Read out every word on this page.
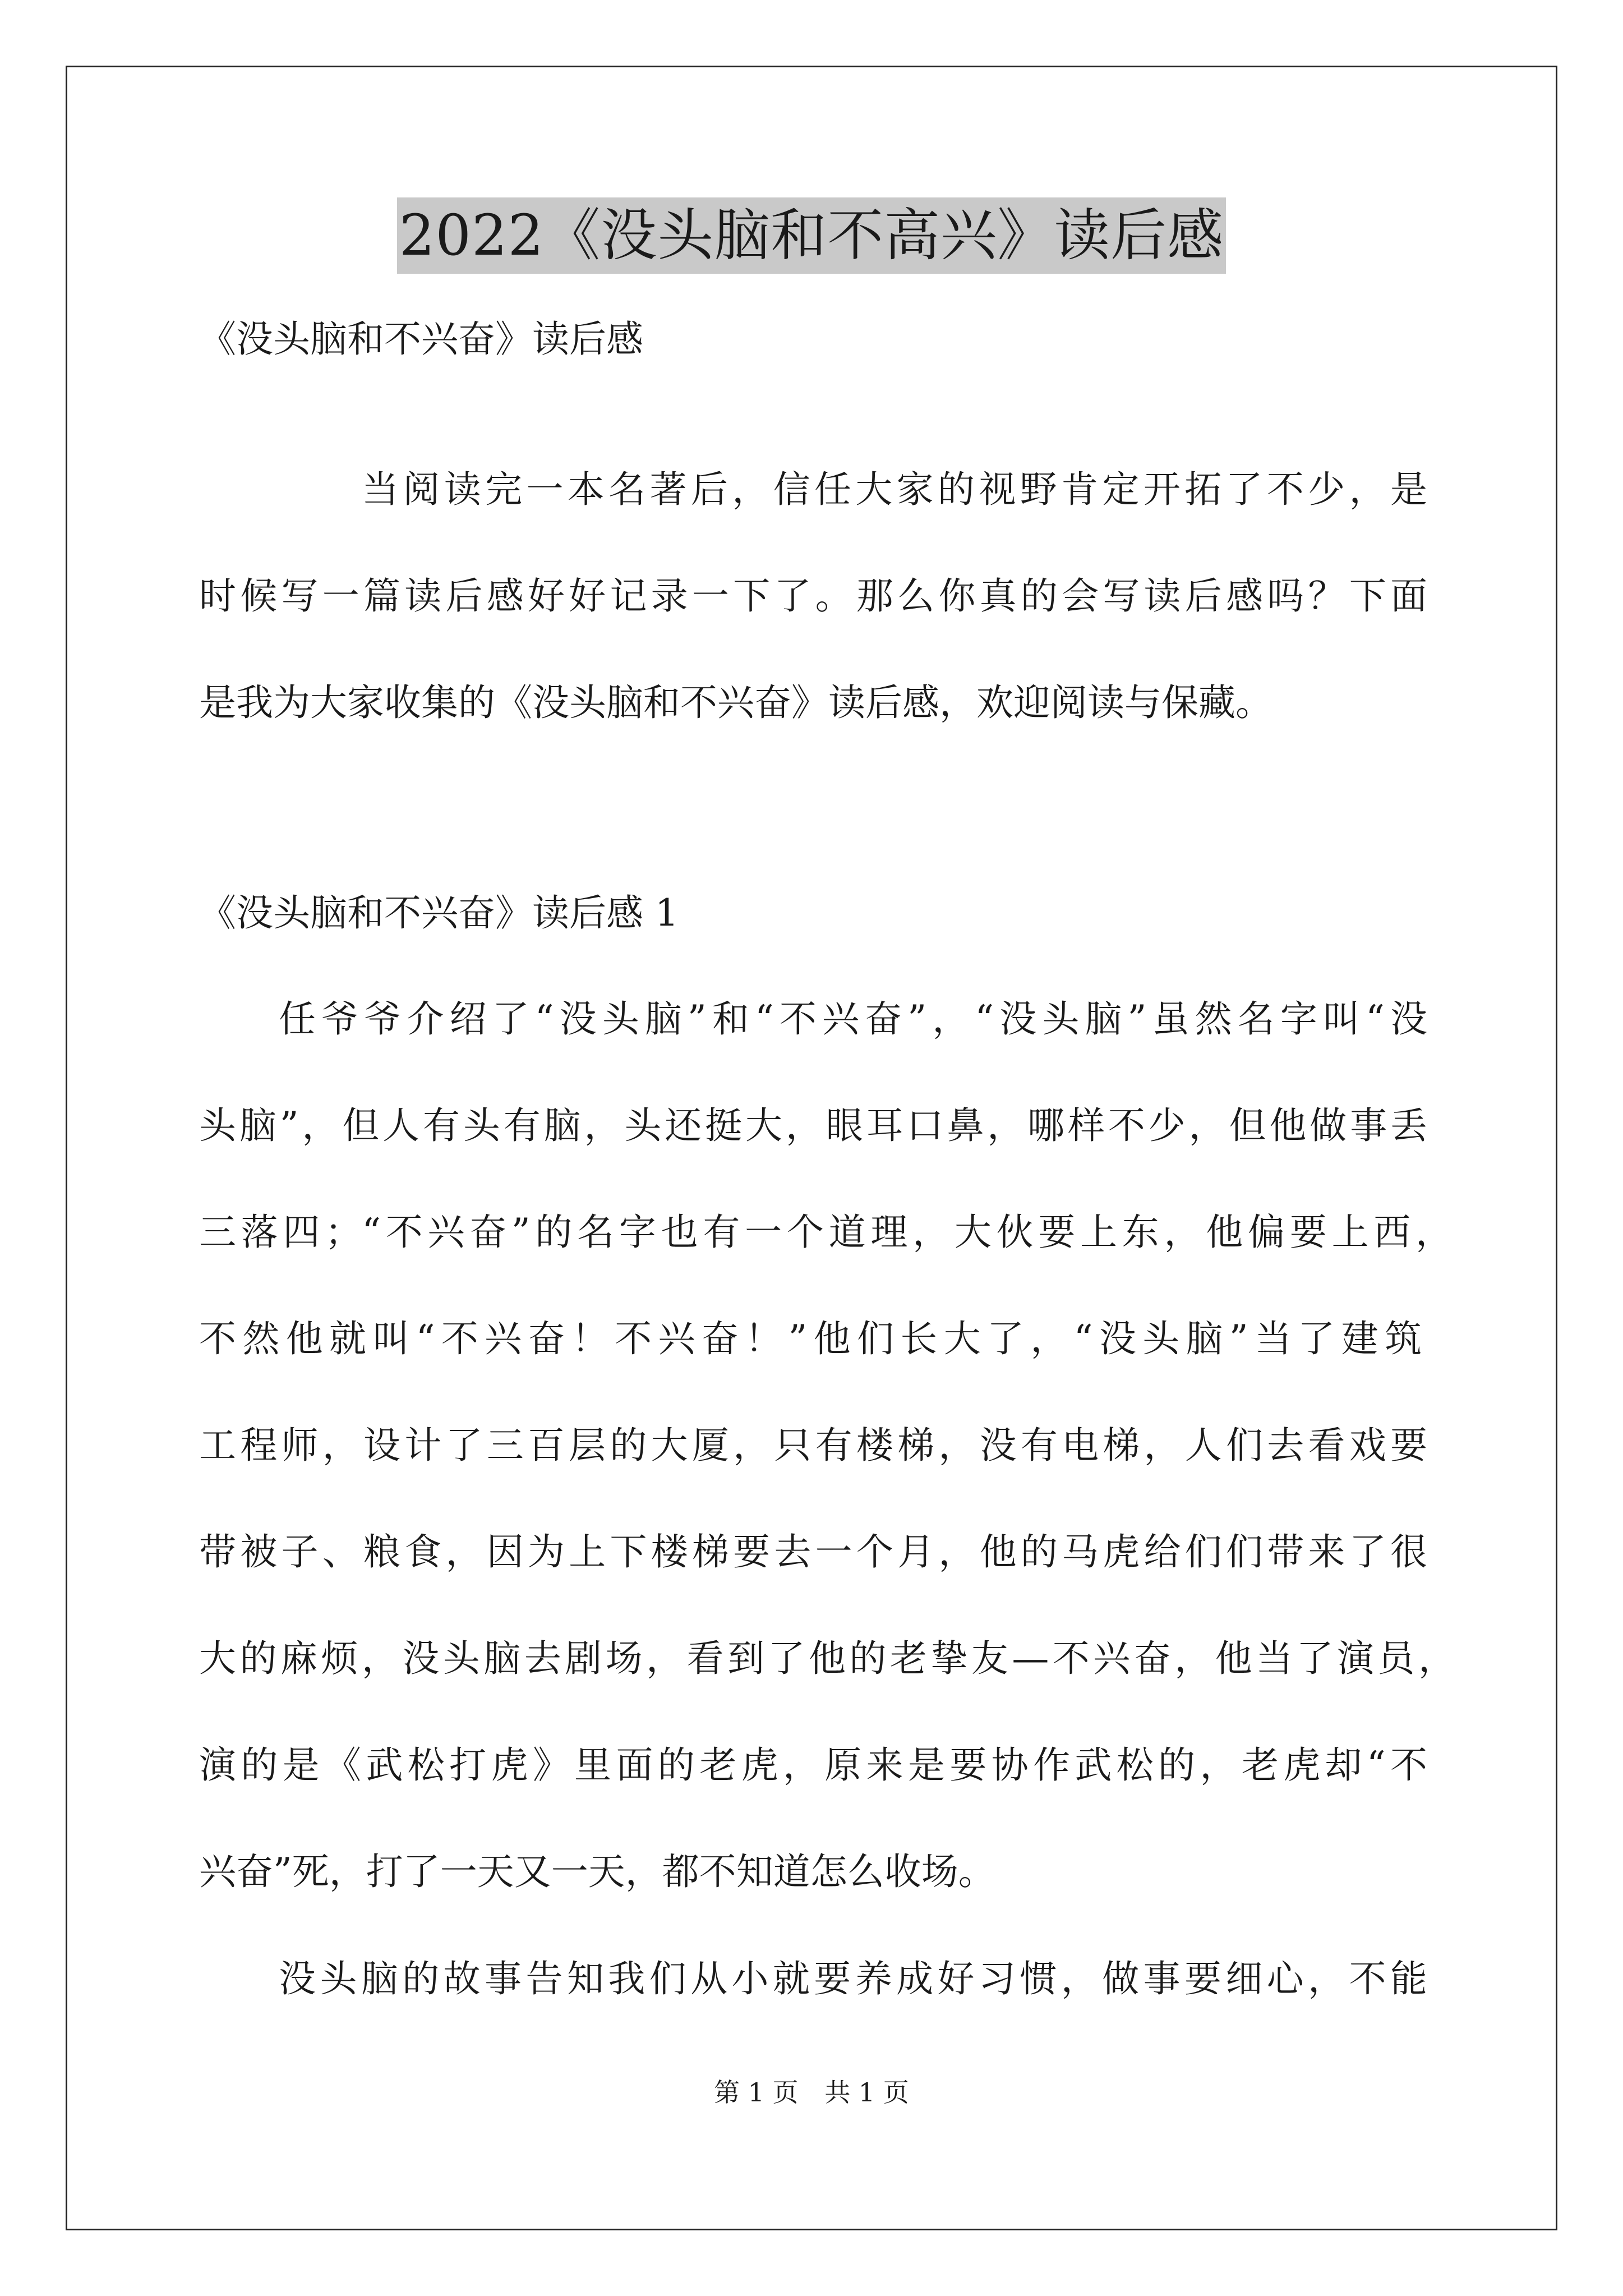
2022《没头脑和不高兴》读后感
《没头脑和不兴奋》读后感
当阅读完一本名著后，信任大家的视野肯定开拓了不少，是
时候写一篇读后感好好记录一下了。那么你真的会写读后感吗？下面
是我为大家收集的《没头脑和不兴奋》读后感，欢迎阅读与保藏。
《没头脑和不兴奋》读后感 1
任爷爷介绍了“没头脑”和“不兴奋”，“没头脑”虽然名字叫“没
头脑”，但人有头有脑，头还挺大，眼耳口鼻，哪样不少，但他做事丢
三落四；“不兴奋”的名字也有一个道理，大伙要上东，他偏要上西，
不然他就叫“不兴奋！不兴奋！”他们长大了，“没头脑”当了建筑
工程师，设计了三百层的大厦，只有楼梯，没有电梯，人们去看戏要
带被子、粮食，因为上下楼梯要去一个月，他的马虎给们们带来了很
大的麻烦，没头脑去剧场，看到了他的老挚友—不兴奋，他当了演员，
演的是《武松打虎》里面的老虎，原来是要协作武松的，老虎却“不
兴奋”死，打了一天又一天，都不知道怎么收场。
没头脑的故事告知我们从小就要养成好习惯，做事要细心，不能
第 1 页 共 1 页
